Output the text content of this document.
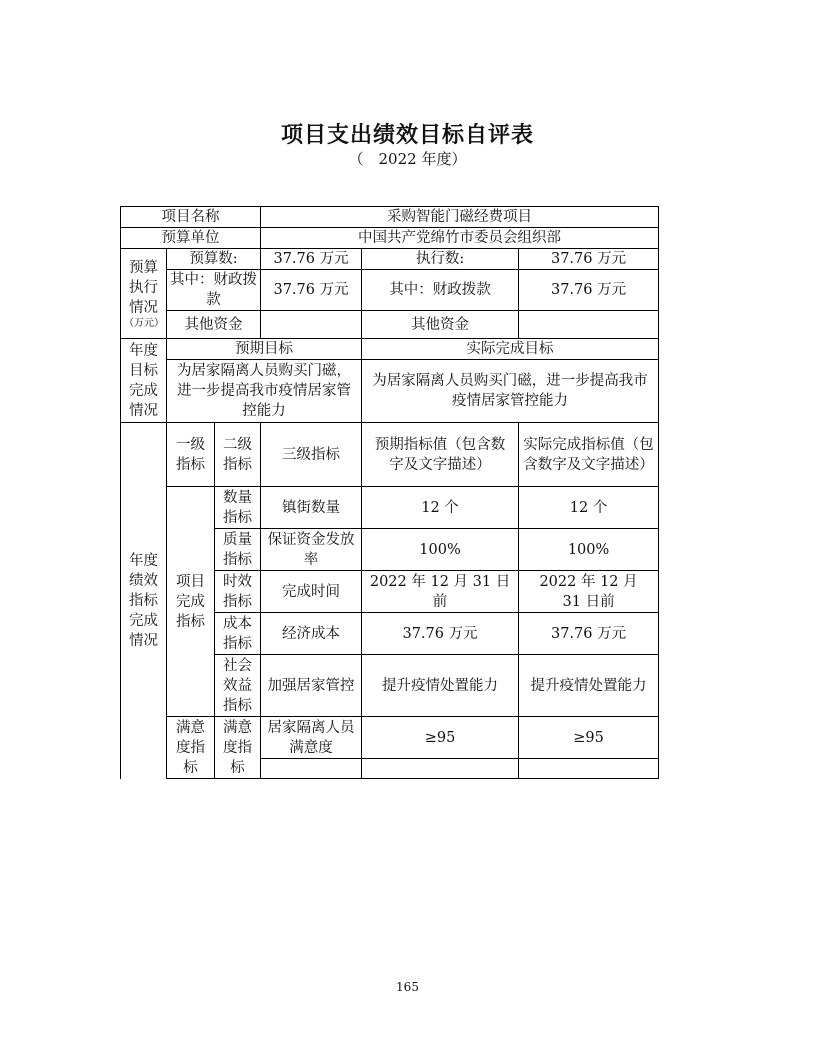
项目支出绩效目标自评表
（　2022 年度）
项目名称			采购智能门磁经费项目		
预算单位			中国共产党绵竹市委员会组织部		

预算执行情况
（万元）	预算数:		37.76 万元	执行数:	37.76 万元
	其中：财政拨款		37.76 万元	其中：财政拨款	37.76 万元
	其他资金			其他资金	
年度目标完成情况	预期目标			实际完成目标	
	为居家隔离人员购买门磁，进一步提高我市疫情居家管控能力			为居家隔离人员购买门磁，进一步提高我市疫情居家管控能力	
年度绩效指标完成情况	一级指标	二级指标	三级指标	预期指标值（包含数字及文字描述）	实际完成指标值（包含数字及文字描述）
	项目完成指标	数量指标	镇街数量	12 个	12 个
		质量指标	保证资金发放率	100%	100%
		时效指标	完成时间	2022 年 12 月 31 日前	2022 年 12 月 31 日前
		成本指标	经济成本	37.76 万元	37.76 万元
		社会效益指标	加强居家管控	提升疫情处置能力	提升疫情处置能力
	满意度指标	满意度指标	居家隔离人员满意度	≥95	≥95

165
